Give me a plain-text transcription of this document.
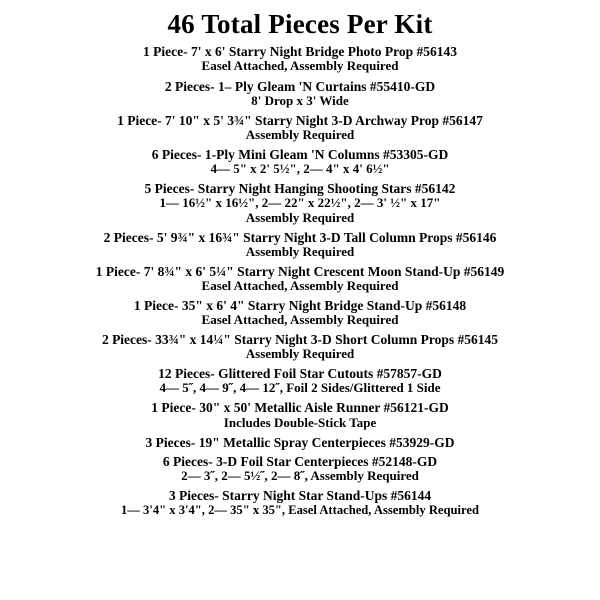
46 Total Pieces Per Kit
1 Piece- 7' x 6' Starry Night Bridge Photo Prop #56143
Easel Attached, Assembly Required
2 Pieces- 1– Ply Gleam 'N Curtains #55410-GD
8' Drop x 3' Wide
1 Piece- 7' 10" x 5' 3¾" Starry Night 3-D Archway Prop #56147
Assembly Required
6 Pieces- 1-Ply Mini Gleam 'N Columns #53305-GD
4— 5" x 2' 5½", 2— 4" x 4' 6½"
5 Pieces- Starry Night Hanging Shooting Stars #56142
1— 16½" x 16½", 2— 22" x 22½", 2— 3' ½" x 17"
Assembly Required
2 Pieces- 5' 9¾" x 16¾" Starry Night 3-D Tall Column Props #56146
Assembly Required
1 Piece- 7' 8¾" x 6' 5¼" Starry Night Crescent Moon Stand-Up #56149
Easel Attached, Assembly Required
1 Piece- 35" x 6' 4" Starry Night Bridge Stand-Up #56148
Easel Attached, Assembly Required
2 Pieces- 33¾" x 14¼" Starry Night 3-D Short Column Props #56145
Assembly Required
12 Pieces- Glittered Foil Star Cutouts #57857-GD
4— 5˝, 4— 9˝, 4— 12˝, Foil 2 Sides/Glittered 1 Side
1 Piece- 30" x 50' Metallic Aisle Runner #56121-GD
Includes Double-Stick Tape
3 Pieces- 19" Metallic Spray Centerpieces #53929-GD
6 Pieces- 3-D Foil Star Centerpieces #52148-GD
2— 3˝, 2— 5½˝, 2— 8˝, Assembly Required
3 Pieces- Starry Night Star Stand-Ups #56144
1— 3'4" x 3'4", 2— 35" x 35", Easel Attached, Assembly Required
